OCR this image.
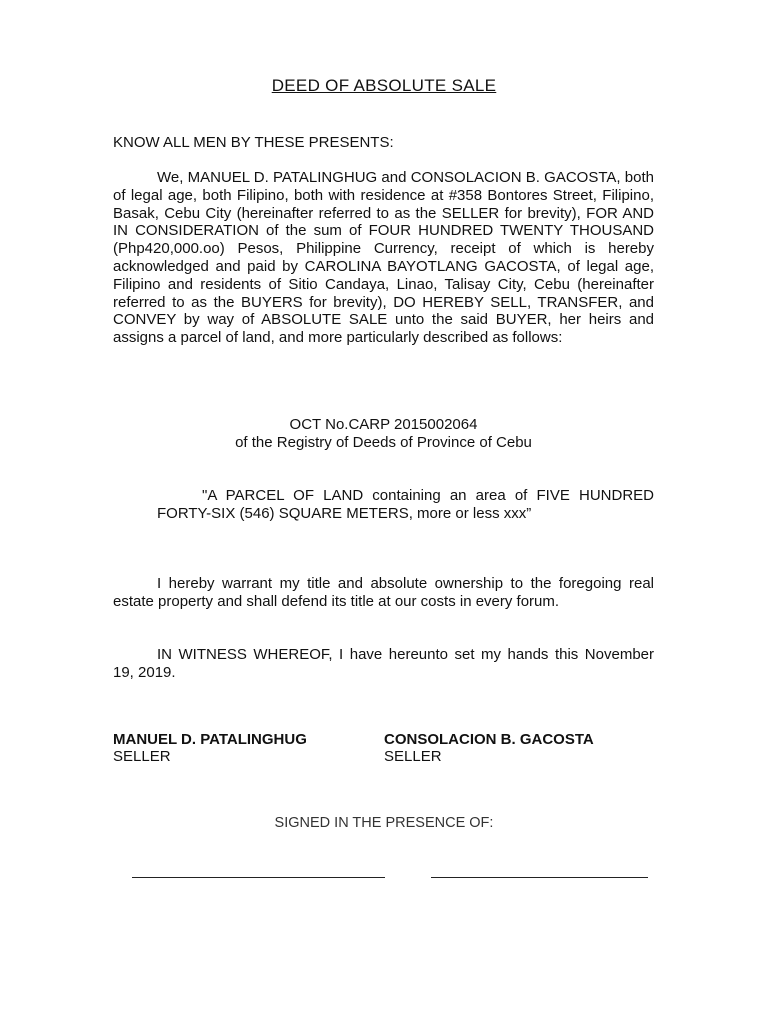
DEED OF ABSOLUTE SALE
KNOW ALL MEN BY THESE PRESENTS:
We, MANUEL D. PATALINGHUG and CONSOLACION B. GACOSTA, both of legal age, both Filipino, both with residence at #358 Bontores Street, Filipino, Basak, Cebu City (hereinafter referred to as the SELLER for brevity), FOR AND IN CONSIDERATION of the sum of FOUR HUNDRED TWENTY THOUSAND (Php420,000.oo) Pesos, Philippine Currency, receipt of which is hereby acknowledged and paid by CAROLINA BAYOTLANG GACOSTA, of legal age, Filipino and residents of Sitio Candaya, Linao, Talisay City, Cebu (hereinafter referred to as the BUYERS for brevity), DO HEREBY SELL, TRANSFER, and CONVEY by way of ABSOLUTE SALE unto the said BUYER, her heirs and assigns a parcel of land, and more particularly described as follows:
OCT No.CARP 2015002064
of the Registry of Deeds of Province of Cebu
"A PARCEL OF LAND containing an area of FIVE HUNDRED FORTY-SIX (546) SQUARE METERS, more or less xxx”
I hereby warrant my title and absolute ownership to the foregoing real estate property and shall defend its title at our costs in every forum.
IN WITNESS WHEREOF, I have hereunto set my hands this November 19, 2019.
MANUEL D. PATALINGHUG
SELLER
CONSOLACION B. GACOSTA
SELLER
SIGNED IN THE PRESENCE OF:
